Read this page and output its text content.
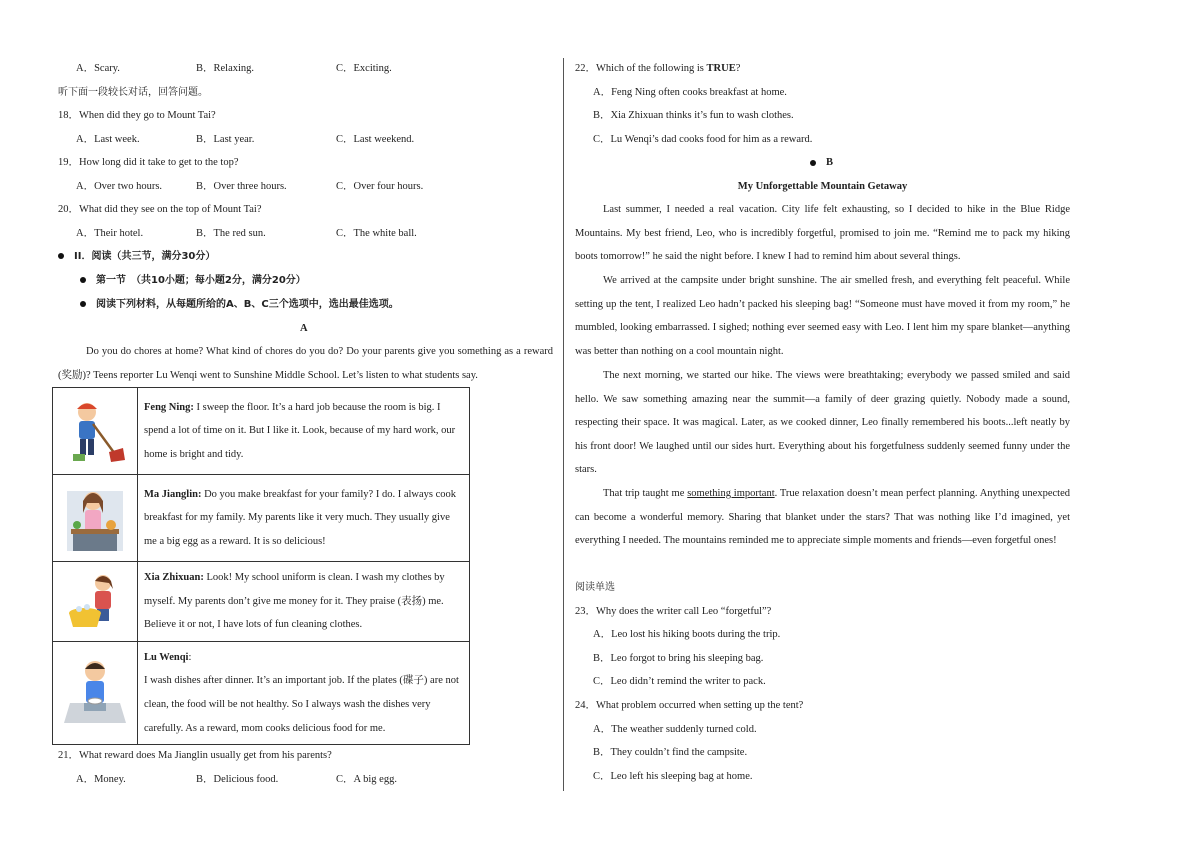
A．Scary.	B．Relaxing.	C．Exciting.
听下面一段较长对话，回答问题。
18．When did they go to Mount Tai?
A．Last week.	B．Last year.	C．Last weekend.
19．How long did it take to get to the top?
A．Over two hours.	B．Over three hours.	C．Over four hours.
20．What did they see on the top of Mount Tai?
A．Their hotel.	B．The red sun.	C．The white ball.
II．阅读（共三节，满分30分）
第一节　（共10小题；每小题2分，满分20分）
阅读下列材料，从每题所给的A、B、C三个选项中，选出最佳选项。
A
Do you do chores at home? What kind of chores do you do? Do your parents give you something as a reward (奖励)? Teens reporter Lu Wenqi went to Sunshine Middle School. Let’s listen to what students say.
	Feng Ning: I sweep the floor. It’s a hard job because the room is big. I spend a lot of time on it. But I like it. Look, because of my hard work, our home is bright and tidy.

	Ma Jianglin: Do you make breakfast for your family? I do. I always cook breakfast for my family. My parents like it very much. They usually give me a big egg as a reward. It is so delicious!

	Xia Zhixuan: Look! My school uniform is clean. I wash my clothes by myself. My parents don’t give me money for it. They praise (表扬) me. Believe it or not, I have lots of fun cleaning clothes.

	Lu Wenqi:
I wash dishes after dinner. It’s an important job. If the plates (碟子) are not clean, the food will be not healthy. So I always wash the dishes very carefully. As a reward, mom cooks delicious food for me.
21．What reward does Ma Jianglin usually get from his parents?
A．Money.	B．Delicious food.	C．A big egg.
22．Which of the following is TRUE?
A．Feng Ning often cooks breakfast at home.
B．Xia Zhixuan thinks it’s fun to wash clothes.
C．Lu Wenqi’s dad cooks food for him as a reward.
B
My Unforgettable Mountain Getaway
Last summer, I needed a real vacation. City life felt exhausting, so I decided to hike in the Blue Ridge Mountains. My best friend, Leo, who is incredibly forgetful, promised to join me. “Remind me to pack my hiking boots tomorrow!” he said the night before. I knew I had to remind him about several things.
We arrived at the campsite under bright sunshine. The air smelled fresh, and everything felt peaceful. While setting up the tent, I realized Leo hadn’t packed his sleeping bag! “Someone must have moved it from my room,” he mumbled, looking embarrassed. I sighed; nothing ever seemed easy with Leo. I lent him my spare blanket—anything was better than nothing on a cool mountain night.
The next morning, we started our hike. The views were breathtaking; everybody we passed smiled and said hello. We saw something amazing near the summit—a family of deer grazing quietly. Nobody made a sound, respecting their space. It was magical. Later, as we cooked dinner, Leo finally remembered his boots...left neatly by his front door! We laughed until our sides hurt. Everything about his forgetfulness suddenly seemed funny under the stars.
That trip taught me something important. True relaxation doesn’t mean perfect planning. Anything unexpected can become a wonderful memory. Sharing that blanket under the stars? That was nothing like I’d imagined, yet everything I needed. The mountains reminded me to appreciate simple moments and friends—even forgetful ones!
阅读单选
23．Why does the writer call Leo “forgetful”?
A．Leo lost his hiking boots during the trip.
B．Leo forgot to bring his sleeping bag.
C．Leo didn’t remind the writer to pack.
24．What problem occurred when setting up the tent?
A．The weather suddenly turned cold.
B．They couldn’t find the campsite.
C．Leo left his sleeping bag at home.
